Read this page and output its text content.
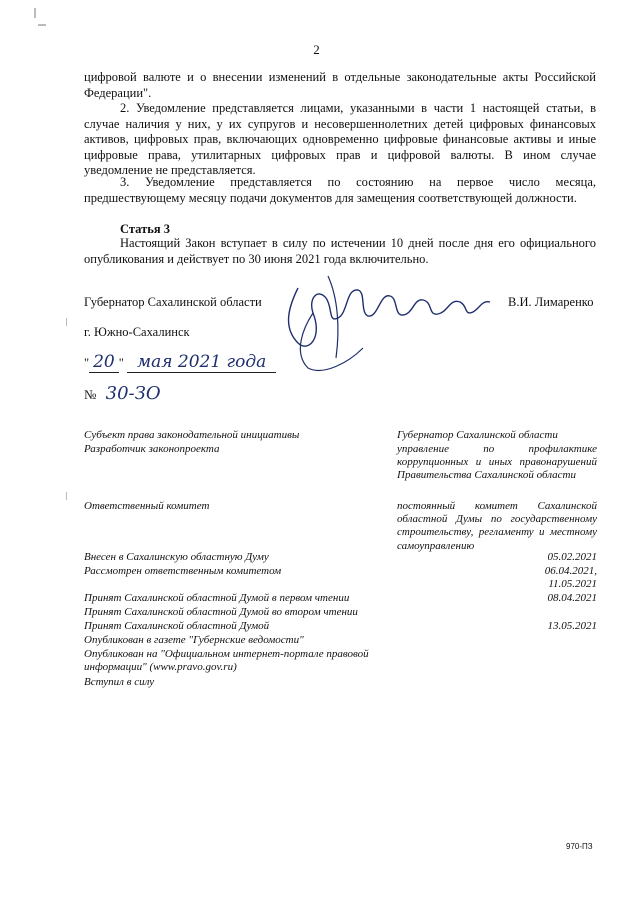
2
цифровой валюте и о внесении изменений в отдельные законодательные акты Российской Федерации".
2. Уведомление представляется лицами, указанными в части 1 настоящей статьи, в случае наличия у них, у их супругов и несовершеннолетних детей цифровых финансовых активов, цифровых прав, включающих одновременно цифровые финансовые активы и иные цифровые права, утилитарных цифровых прав и цифровой валюты. В ином случае уведомление не представляется.
3. Уведомление представляется по состоянию на первое число месяца, предшествующему месяцу подачи документов для замещения соответствующей должности.
Статья 3
Настоящий Закон вступает в силу по истечении 10 дней после дня его официального опубликования и действует по 30 июня 2021 года включительно.
Губернатор Сахалинской области	В.И. Лимаренко
г. Южно-Сахалинск
" 20 " мая 2021 года
№ 30-ЗО
Субъект права законодательной инициативы	Губернатор Сахалинской области
Разработчик законопроекта	управление по профилактике коррупционных и иных правонарушений Правительства Сахалинской области
Ответственный комитет	постоянный комитет Сахалинской областной Думы по государственному строительству, регламенту и местному самоуправлению
Внесен в Сахалинскую областную Думу	05.02.2021
Рассмотрен ответственным комитетом	06.04.2021,
11.05.2021
Принят Сахалинской областной Думой в первом чтении	08.04.2021
Принят Сахалинской областной Думой во втором чтении
Принят Сахалинской областной Думой	13.05.2021
Опубликован в газете "Губернские ведомости"
Опубликован на "Официальном интернет-портале правовой информации" (www.pravo.gov.ru)
Вступил в силу
970-ПЗ
